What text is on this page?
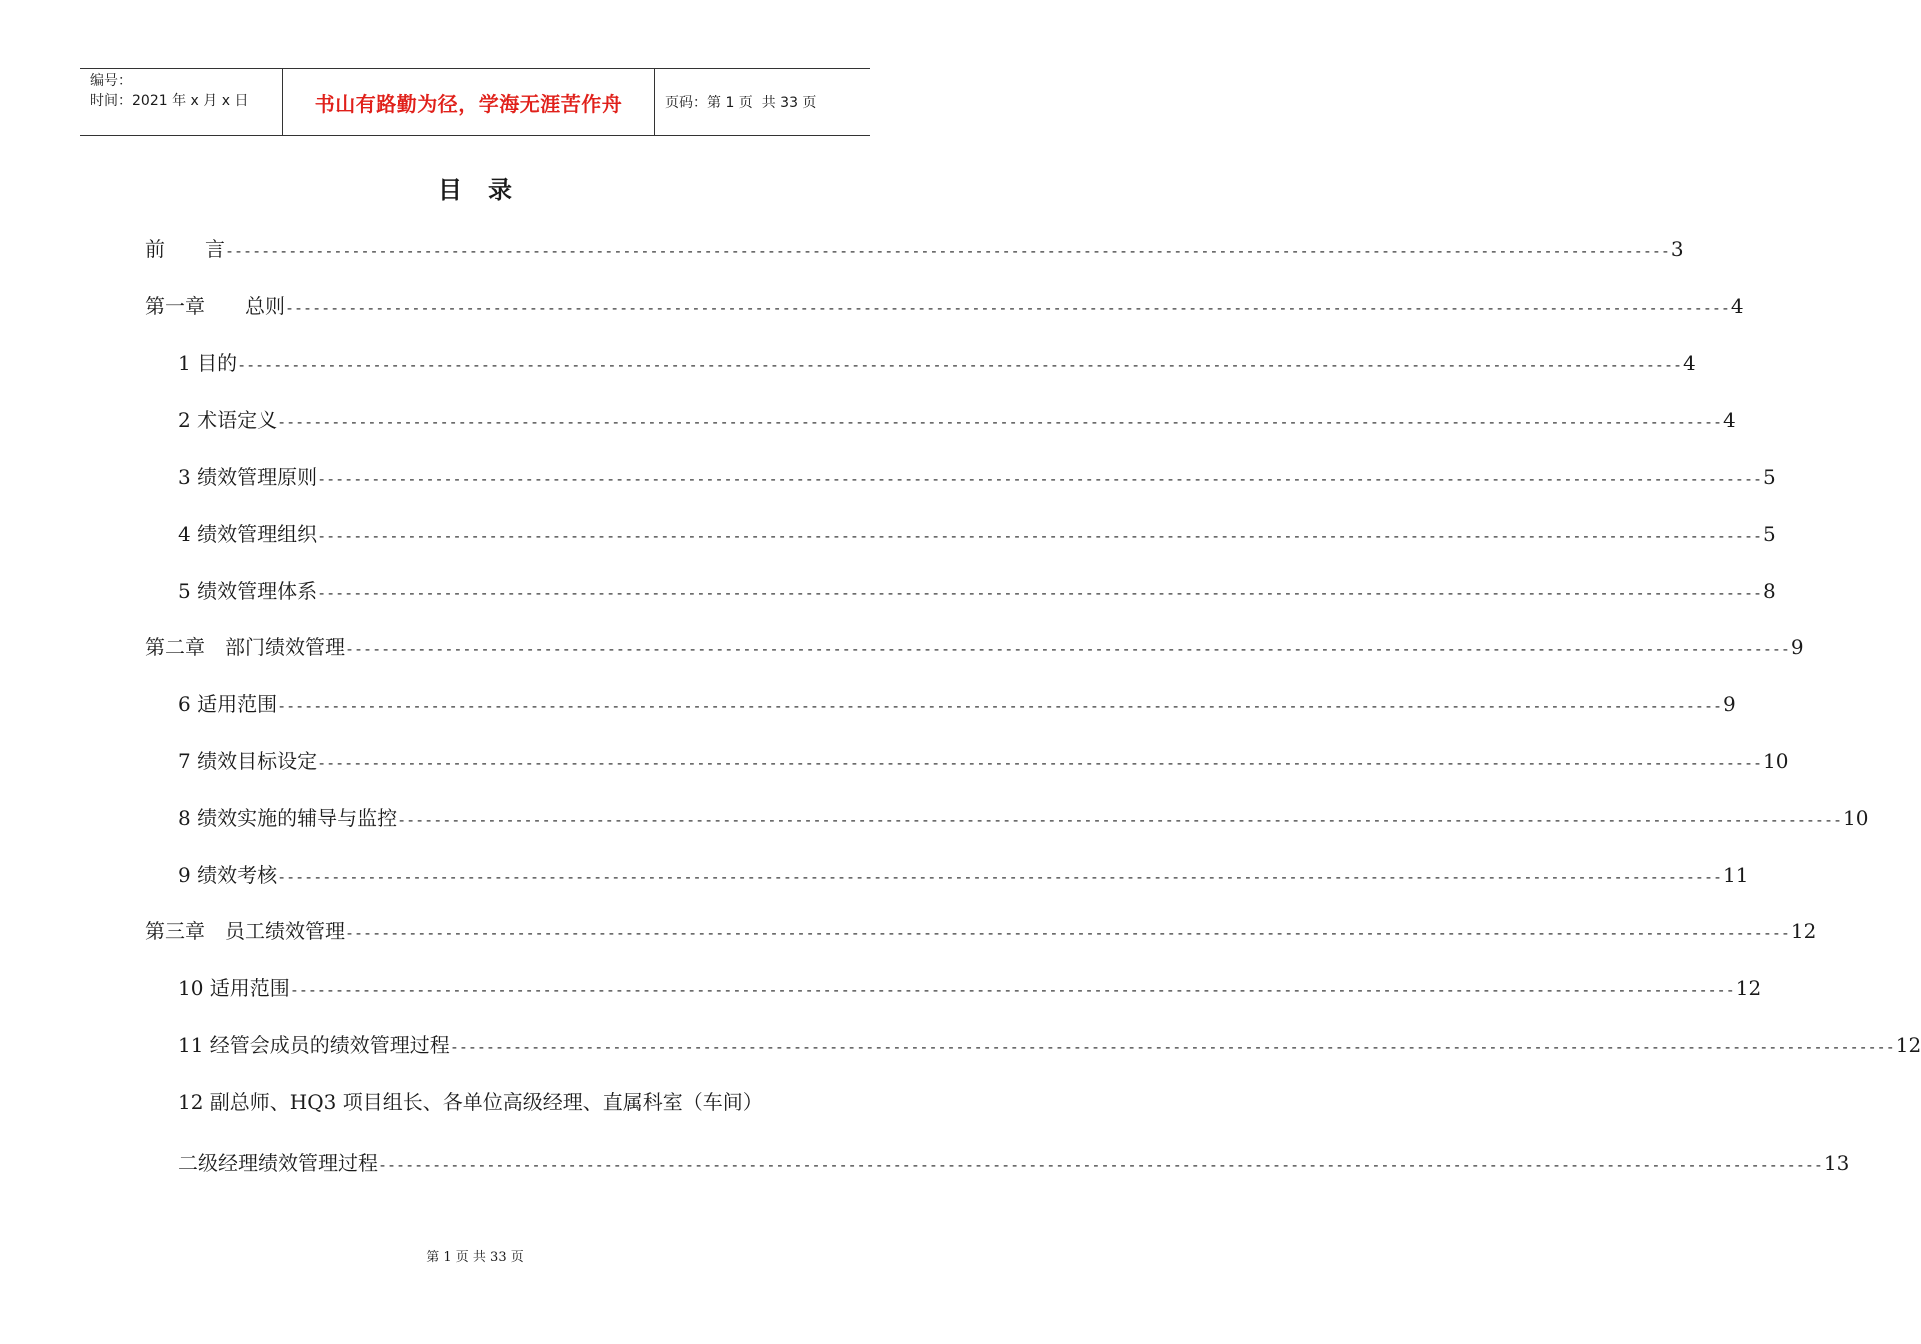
编号：
时间：2021 年 x 月 x 日	书山有路勤为径，学海无涯苦作舟	页码：第 1 页  共 33 页
目录
前　　言 ---------------------------------------------------------------------------------------------------------------------------------------------------------------- 3
第一章　　总则 ---------------------------------------------------------------------------------------------------------------------------------------------------------------- 4
1 目的 ---------------------------------------------------------------------------------------------------------------------------------------------------------------- 4
2 术语定义 ---------------------------------------------------------------------------------------------------------------------------------------------------------------- 4
3 绩效管理原则 ---------------------------------------------------------------------------------------------------------------------------------------------------------------- 5
4 绩效管理组织 ---------------------------------------------------------------------------------------------------------------------------------------------------------------- 5
5 绩效管理体系 ---------------------------------------------------------------------------------------------------------------------------------------------------------------- 8
第二章　部门绩效管理 ---------------------------------------------------------------------------------------------------------------------------------------------------------------- 9
6 适用范围 ---------------------------------------------------------------------------------------------------------------------------------------------------------------- 9
7 绩效目标设定 ---------------------------------------------------------------------------------------------------------------------------------------------------------------- 10
8 绩效实施的辅导与监控 ---------------------------------------------------------------------------------------------------------------------------------------------------------------- 10
9 绩效考核 ---------------------------------------------------------------------------------------------------------------------------------------------------------------- 11
第三章　员工绩效管理 ---------------------------------------------------------------------------------------------------------------------------------------------------------------- 12
10 适用范围 ---------------------------------------------------------------------------------------------------------------------------------------------------------------- 12
11 经管会成员的绩效管理过程 ---------------------------------------------------------------------------------------------------------------------------------------------------------------- 12
12 副总师、HQ3 项目组长、各单位高级经理、直属科室（车间）
二级经理绩效管理过程 ---------------------------------------------------------------------------------------------------------------------------------------------------------------- 13
第 1 页 共 33 页
